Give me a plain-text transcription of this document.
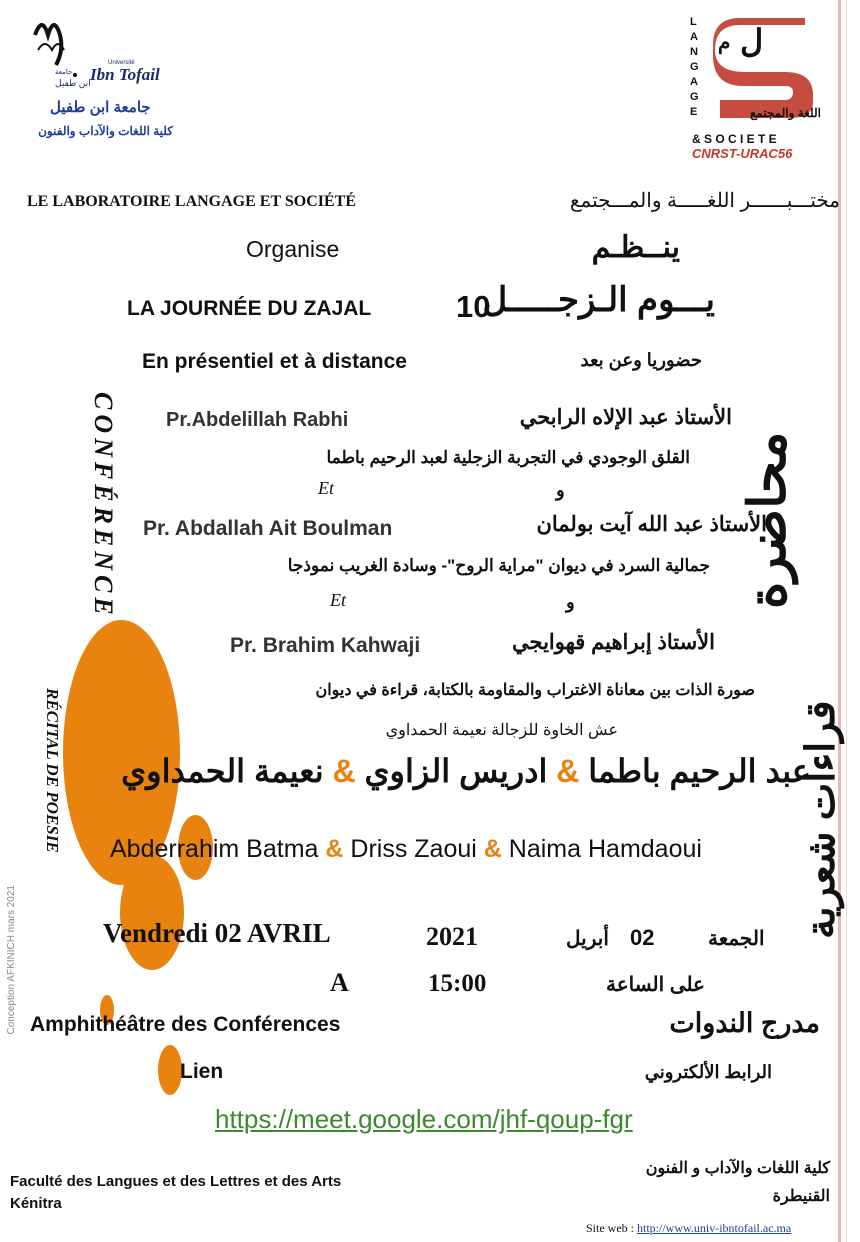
Ibn Tofail
Université
جامعة
ابن طفيل
جامعة ابن طفيل
كلية اللغات والآداب والفنون
م ل
LANGAGE	اللغة والمجتمع
& S O C I E T E
CNRST-URAC56
LE LABORATOIRE LANGAGE ET SOCIÉTÉ	مختـــبــــــر اللغـــــة والمـــجتمع
Organise	ينــظـم
LA JOURNÉE DU ZAJAL	10
يـــوم الـزجـــــل
En présentiel et à distance	حضوريا وعن بعد
CONFÉRENCE
RÉCITAL DE POESIE
محاضرة
قراءات شعرية
Conception AFKINICH mars 2021
Pr.Abdelillah Rabhi	الأستاذ عبد الإلاه الرابحي
القلق الوجودي في التجربة الزجلية لعبد الرحيم باطما
Et	و
Pr. Abdallah Ait Boulman	الأستاذ عبد الله آيت بولمان
جمالية السرد في ديوان "مراية الروح"- وسادة الغريب نموذجا
Et	و
Pr. Brahim Kahwaji	الأستاذ إبراهيم قهوايجي
صورة الذات بين معاناة الاغتراب والمقاومة بالكتابة، قراءة في ديوان
عش الخاوة للزجالة نعيمة الحمداوي
عبد الرحيم باطما & ادريس الزاوي & نعيمة الحمداوي
Abderrahim Batma & Driss Zaoui & Naima Hamdaoui
Vendredi 02 AVRIL	2021	أبريل 02	الجمعة
A	15:00	على الساعة
Amphithéâtre des Conférences	مدرج الندوات
Lien	الرابط الألكتروني
https://meet.google.com/jhf-qoup-fgr
Faculté des Langues et des Lettres et des Arts
Kénitra
كلية اللغات والآداب و الفنون
القنيطرة
Site web : http://www.univ-ibntofail.ac.ma
